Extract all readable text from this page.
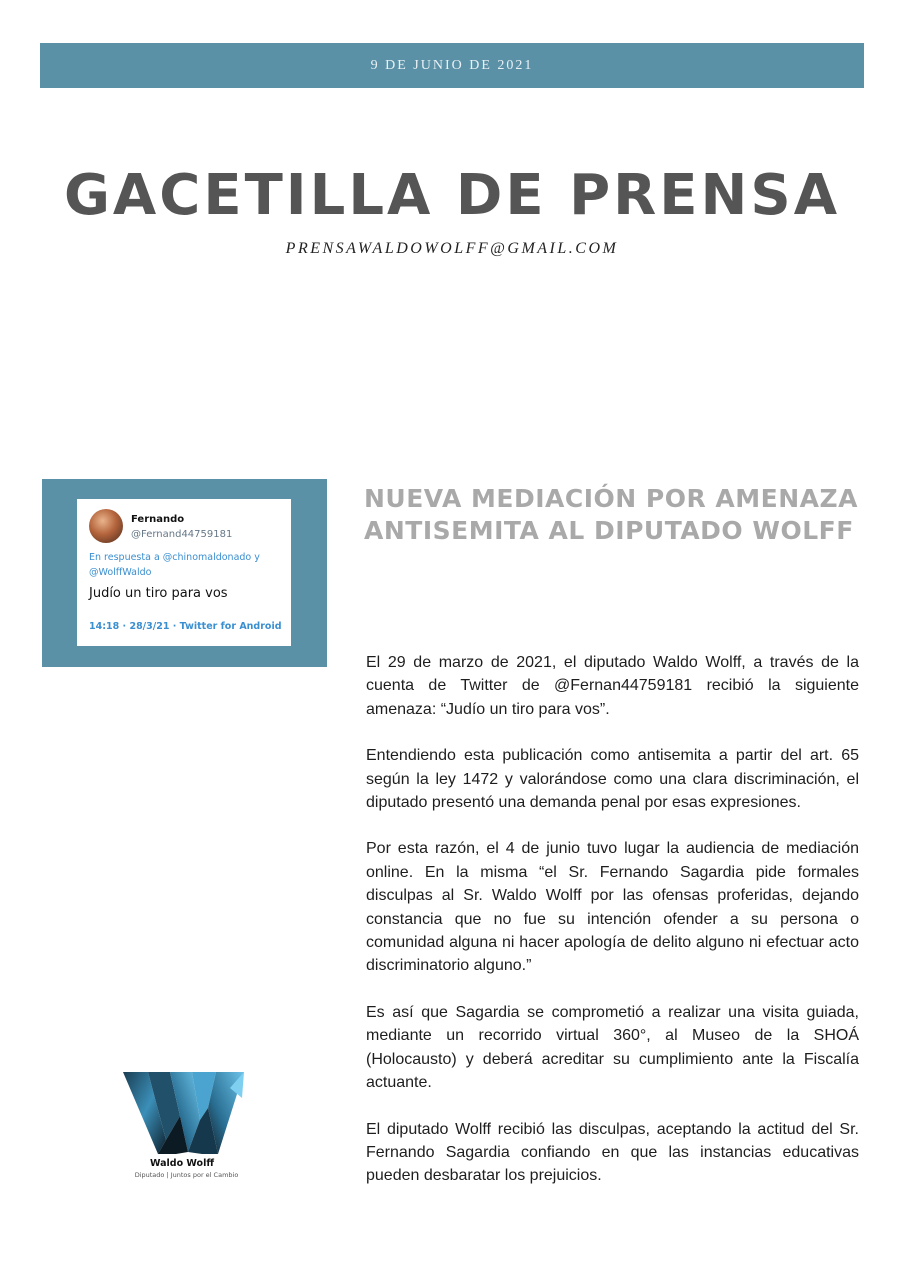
9 DE JUNIO DE 2021
GACETILLA DE PRENSA
PRENSAWALDOWOLFF@GMAIL.COM
Fernando
@Fernand44759181
En respuesta a @chinomaldonado y @WolffWaldo
Judío un tiro para vos
14:18 · 28/3/21 · Twitter for Android
NUEVA MEDIACIÓN POR AMENAZA ANTISEMITA AL DIPUTADO WOLFF

El 29 de marzo de 2021, el diputado Waldo Wolff, a través de la cuenta de Twitter de @Fernan44759181 recibió la siguiente amenaza: “Judío un tiro para vos”.

Entendiendo esta publicación como antisemita a partir del art. 65 según la ley 1472 y valorándose como una clara discriminación, el diputado presentó una demanda penal por esas expresiones.

Por esta razón, el 4 de junio tuvo lugar la audiencia de mediación online. En la misma “el Sr. Fernando Sagardia pide formales disculpas al Sr. Waldo Wolff por las ofensas proferidas, dejando constancia que no fue su intención ofender a su persona o comunidad alguna ni hacer apología de delito alguno ni efectuar acto discriminatorio alguno.”

Es así que Sagardia se comprometió a realizar una visita guiada, mediante un recorrido virtual 360°, al Museo de la SHOÁ (Holocausto) y deberá acreditar su cumplimiento ante la Fiscalía actuante.

El diputado Wolff recibió las disculpas, aceptando la actitud del Sr. Fernando Sagardia confiando en que las instancias educativas pueden desbaratar los prejuicios.

Waldo Wolff
Diputado | Juntos por el Cambio
